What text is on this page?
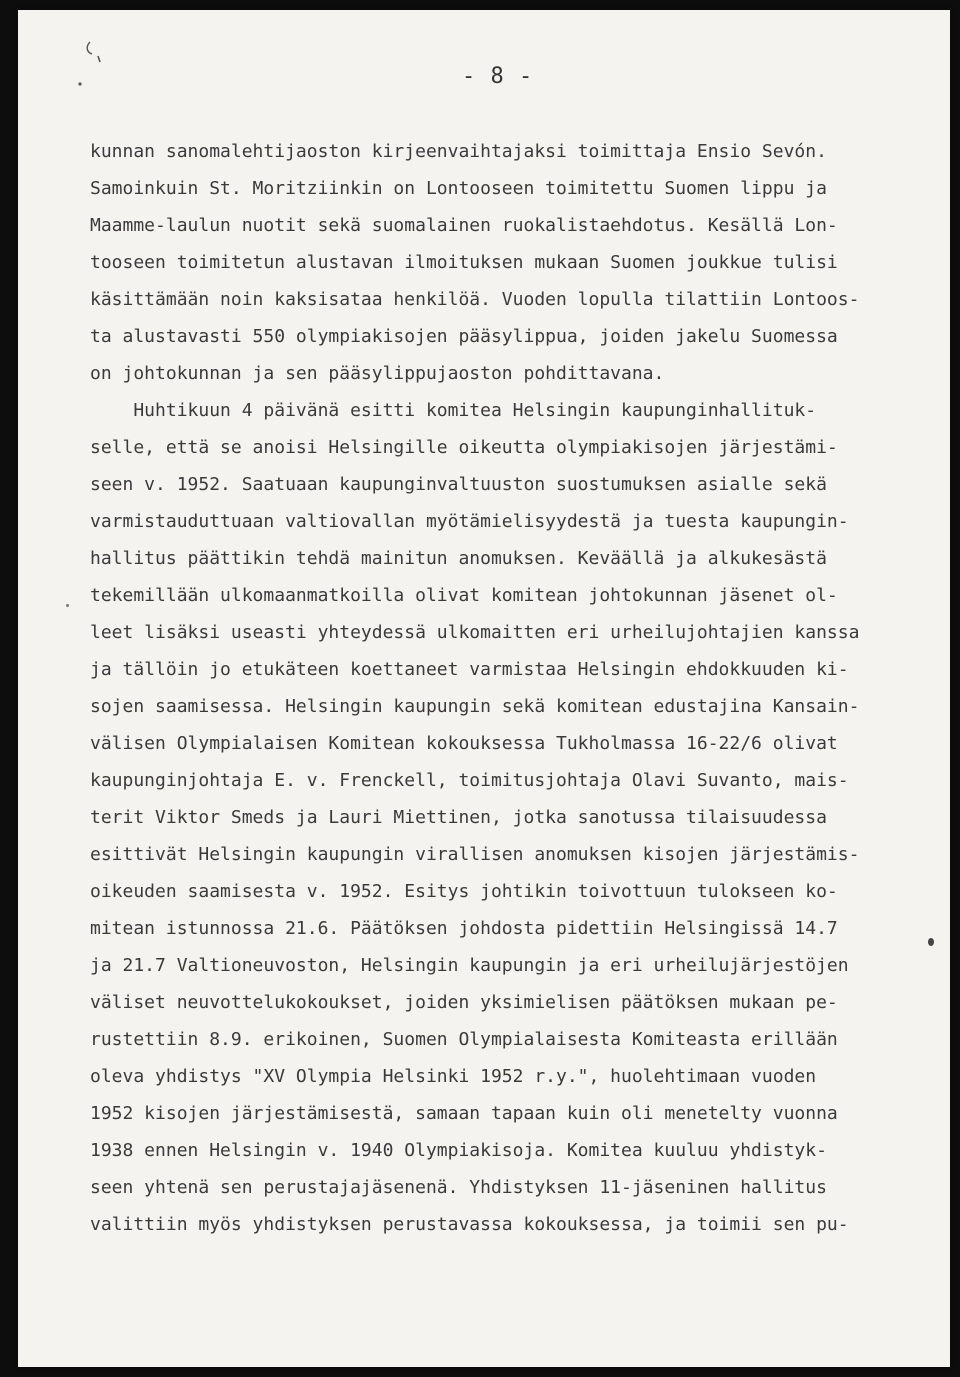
- 8 -
kunnan sanomalehtijaoston kirjeenvaihtajaksi toimittaja Ensio Sevón.
Samoinkuin St. Moritziinkin on Lontooseen toimitettu Suomen lippu ja
Maamme-laulun nuotit sekä suomalainen ruokalistaehdotus. Kesällä Lon-
tooseen toimitetun alustavan ilmoituksen mukaan Suomen joukkue tulisi
käsittämään noin kaksisataa henkilöä. Vuoden lopulla tilattiin Lontoos-
ta alustavasti 550 olympiakisojen pääsylippua, joiden jakelu Suomessa
on johtokunnan ja sen pääsylippujaoston pohdittavana.
Huhtikuun 4 päivänä esitti komitea Helsingin kaupunginhallituk-
selle, että se anoisi Helsingille oikeutta olympiakisojen järjestämi-
seen v. 1952. Saatuaan kaupunginvaltuuston suostumuksen asialle sekä
varmistauduttuaan valtiovallan myötämielisyydestä ja tuesta kaupungin-
hallitus päättikin tehdä mainitun anomuksen. Keväällä ja alkukesästä
tekemillään ulkomaanmatkoilla olivat komitean johtokunnan jäsenet ol-
leet lisäksi useasti yhteydessä ulkomaitten eri urheilujohtajien kanssa
ja tällöin jo etukäteen koettaneet varmistaa Helsingin ehdokkuuden ki-
sojen saamisessa. Helsingin kaupungin sekä komitean edustajina Kansain-
välisen Olympialaisen Komitean kokouksessa Tukholmassa 16-22/6 olivat
kaupunginjohtaja E. v. Frenckell, toimitusjohtaja Olavi Suvanto, mais-
terit Viktor Smeds ja Lauri Miettinen, jotka sanotussa tilaisuudessa
esittivät Helsingin kaupungin virallisen anomuksen kisojen järjestämis-
oikeuden saamisesta v. 1952. Esitys johtikin toivottuun tulokseen ko-
mitean istunnossa 21.6. Päätöksen johdosta pidettiin Helsingissä 14.7
ja 21.7 Valtioneuvoston, Helsingin kaupungin ja eri urheilujärjestöjen
väliset neuvottelukokoukset, joiden yksimielisen päätöksen mukaan pe-
rustettiin 8.9. erikoinen, Suomen Olympialaisesta Komiteasta erillään
oleva yhdistys "XV Olympia Helsinki 1952 r.y.", huolehtimaan vuoden
1952 kisojen järjestämisestä, samaan tapaan kuin oli menetelty vuonna
1938 ennen Helsingin v. 1940 Olympiakisoja. Komitea kuuluu yhdistyk-
seen yhtenä sen perustajajäsenenä. Yhdistyksen 11-jäseninen hallitus
valittiin myös yhdistyksen perustavassa kokouksessa, ja toimii sen pu-
